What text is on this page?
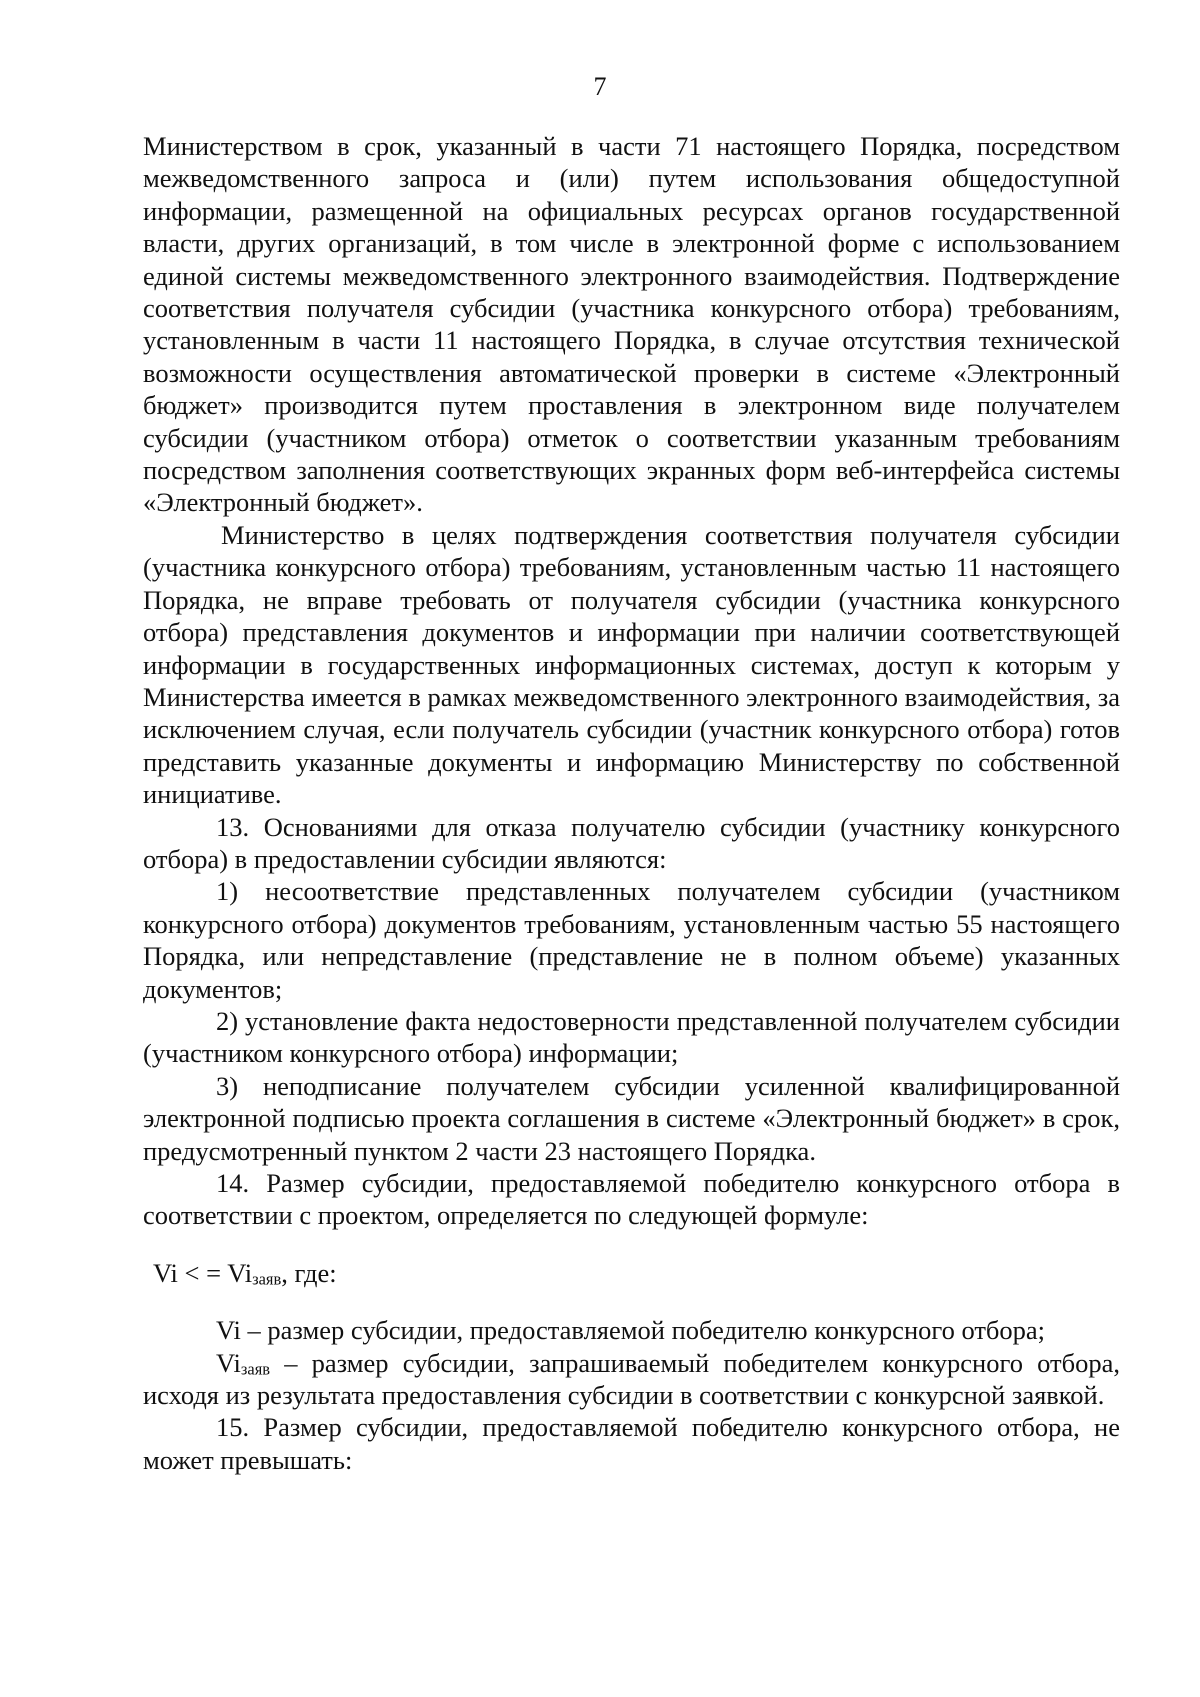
7

Министерством в срок, указанный в части 71 настоящего Порядка, посредством межведомственного запроса и (или) путем использования общедоступной информации, размещенной на официальных ресурсах органов государственной власти, других организаций, в том числе в электронной форме с использованием единой системы межведомственного электронного взаимодействия. Подтверждение соответствия получателя субсидии (участника конкурсного отбора) требованиям, установленным в части 11 настоящего Порядка, в случае отсутствия технической возможности осуществления автоматической проверки в системе «Электронный бюджет» производится путем проставления в электронном виде получателем субсидии (участником отбора) отметок о соответствии указанным требованиям посредством заполнения соответствующих экранных форм веб-интерфейса системы «Электронный бюджет».

Министерство в целях подтверждения соответствия получателя субсидии (участника конкурсного отбора) требованиям, установленным частью 11 настоящего Порядка, не вправе требовать от получателя субсидии (участника конкурсного отбора) представления документов и информации при наличии соответствующей информации в государственных информационных системах, доступ к которым у Министерства имеется в рамках межведомственного электронного взаимодействия, за исключением случая, если получатель субсидии (участник конкурсного отбора) готов представить указанные документы и информацию Министерству по собственной инициативе.

13. Основаниями для отказа получателю субсидии (участнику конкурсного отбора) в предоставлении субсидии являются:

1) несоответствие представленных получателем субсидии (участником конкурсного отбора) документов требованиям, установленным частью 55 настоящего Порядка, или непредставление (представление не в полном объеме) указанных документов;

2) установление факта недостоверности представленной получателем субсидии (участником конкурсного отбора) информации;

3) неподписание получателем субсидии усиленной квалифицированной электронной подписью проекта соглашения в системе «Электронный бюджет» в срок, предусмотренный пунктом 2 части 23 настоящего Порядка.

14. Размер субсидии, предоставляемой победителю конкурсного отбора в соответствии с проектом, определяется по следующей формуле:

Vi < = $Vi_{заяв}$, где:

Vi – размер субсидии, предоставляемой победителю конкурсного отбора;

$Vi_{заяв}$ – размер субсидии, запрашиваемый победителем конкурсного отбора, исходя из результата предоставления субсидии в соответствии с конкурсной заявкой.

15. Размер субсидии, предоставляемой победителю конкурсного отбора, не может превышать:
